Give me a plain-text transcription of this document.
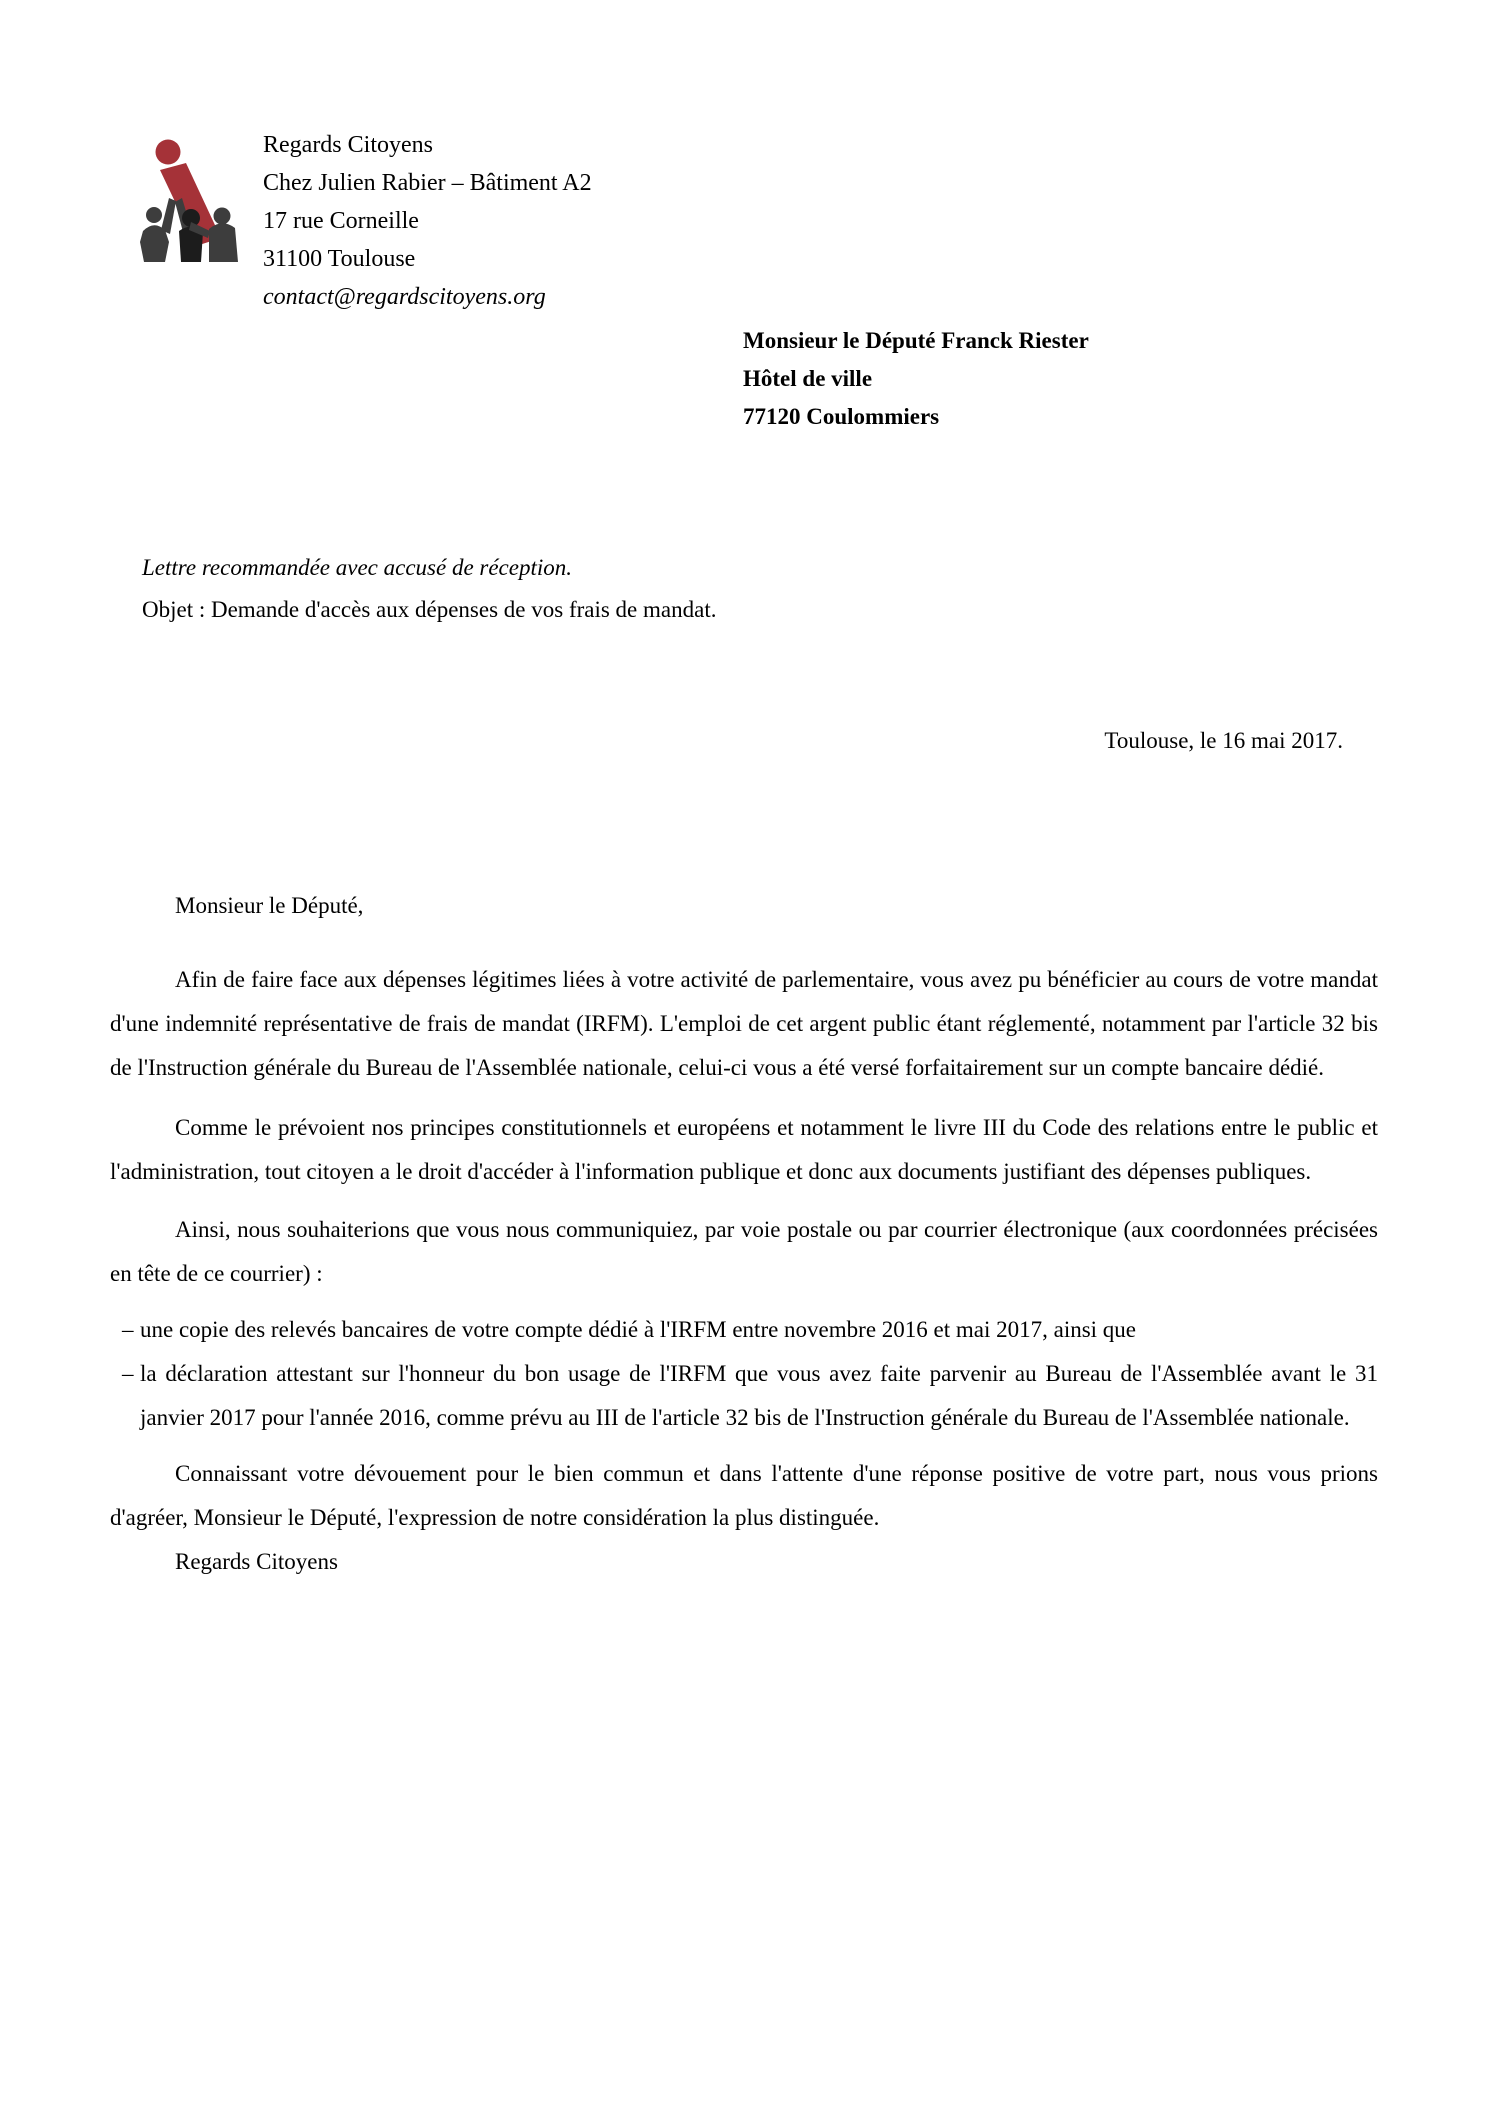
Regards Citoyens
Chez Julien Rabier – Bâtiment A2
17 rue Corneille
31100 Toulouse
contact@regardscitoyens.org
Monsieur le Député Franck Riester
Hôtel de ville
77120 Coulommiers
Lettre recommandée avec accusé de réception.
Objet : Demande d'accès aux dépenses de vos frais de mandat.
Toulouse, le 16 mai 2017.

Monsieur le Député,

Afin de faire face aux dépenses légitimes liées à votre activité de parlementaire, vous avez pu bénéficier au cours de votre mandat d'une indemnité représentative de frais de mandat (IRFM). L'emploi de cet argent public étant réglementé, notamment par l'article 32 bis de l'Instruction générale du Bureau de l'Assemblée nationale, celui-ci vous a été versé forfaitairement sur un compte bancaire dédié.

Comme le prévoient nos principes constitutionnels et européens et notamment le livre III du Code des relations entre le public et l'administration, tout citoyen a le droit d'accéder à l'information publique et donc aux documents justifiant des dépenses publiques.

Ainsi, nous souhaiterions que vous nous communiquiez, par voie postale ou par courrier électronique (aux coordonnées précisées en tête de ce courrier) :

– une copie des relevés bancaires de votre compte dédié à l'IRFM entre novembre 2016 et mai 2017, ainsi que
– la déclaration attestant sur l'honneur du bon usage de l'IRFM que vous avez faite parvenir au Bureau de l'Assemblée avant le 31 janvier 2017 pour l'année 2016, comme prévu au III de l'article 32 bis de l'Instruction générale du Bureau de l'Assemblée nationale.

Connaissant votre dévouement pour le bien commun et dans l'attente d'une réponse positive de votre part, nous vous prions d'agréer, Monsieur le Député, l'expression de notre considération la plus distinguée.

Regards Citoyens
